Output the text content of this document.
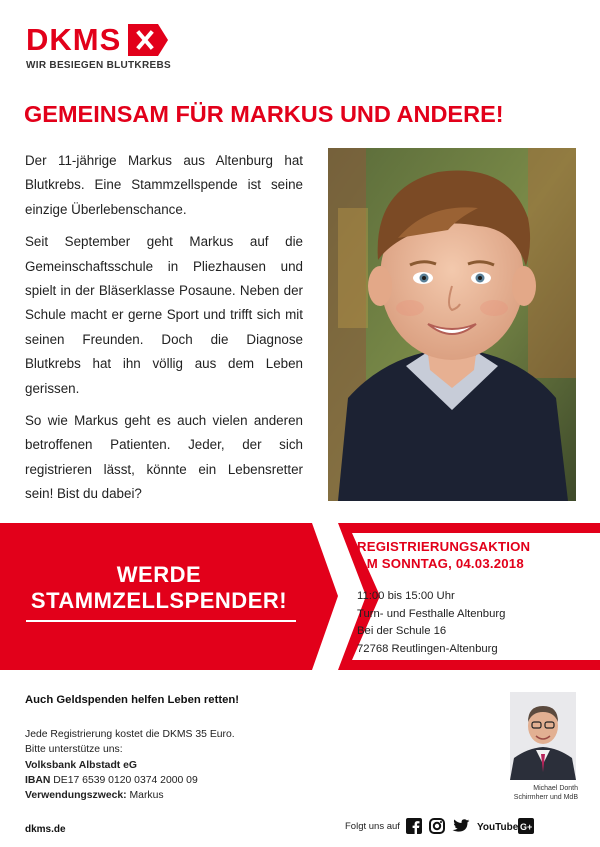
DKMS
WIR BESIEGEN BLUTKREBS
GEMEINSAM FÜR MARKUS UND ANDERE!

Der 11-jährige Markus aus Altenburg hat Blutkrebs. Eine Stammzellspende ist seine einzige Überlebenschance.

Seit September geht Markus auf die Gemeinschaftsschule in Pliezhausen und spielt in der Bläserklasse Posaune. Neben der Schule macht er gerne Sport und trifft sich mit seinen Freunden. Doch die Diagnose Blutkrebs hat ihn völlig aus dem Leben gerissen.

So wie Markus geht es auch vielen anderen betroffenen Patienten. Jeder, der sich registrieren lässt, könnte ein Lebensretter sein! Bist du dabei?

WERDE
STAMMZELLSPENDER!
REGISTRIERUNGSAKTION
AM SONNTAG, 04.03.2018
11:00 bis 15:00 Uhr
Turn- und Festhalle Altenburg
Bei der Schule 16
72768 Reutlingen-Altenburg
Auch Geldspenden helfen Leben retten!
Jede Registrierung kostet die DKMS 35 Euro.
Bitte unterstütze uns:
Volksbank Albstadt eG
IBAN DE17 6539 0120 0374 2000 09
Verwendungszweck: Markus
Michael Donth
Schirmherr und MdB
dkms.de	Folgt uns auf	YouTube G+
